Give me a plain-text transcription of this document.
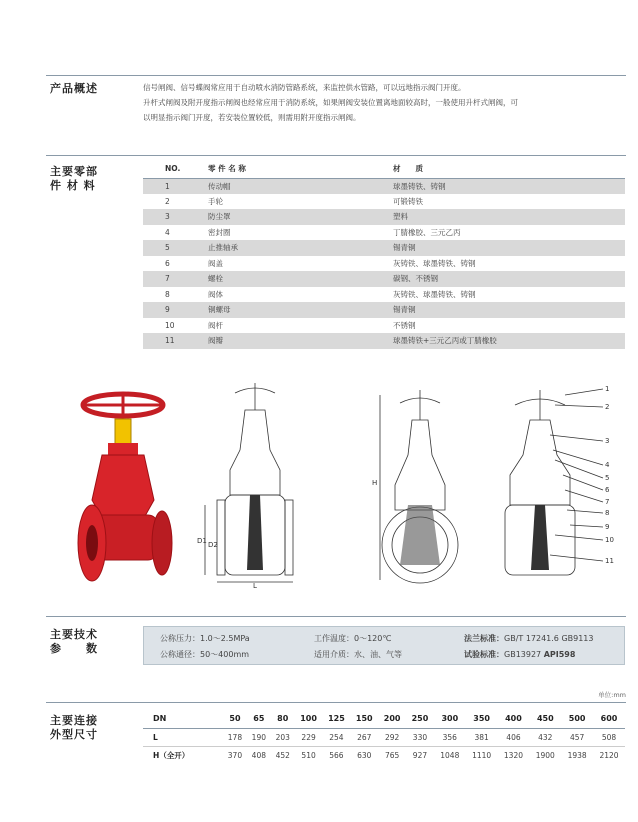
产品概述	信号闸阀、信号蝶阀常应用于自动喷水消防管路系统，来监控供水管路，可以远地指示阀门开度。
升杆式闸阀及附开度指示闸阀也经常应用于消防系统，如果闸阀安装位置离地面较高时，一般使用升杆式闸阀，可
以明显指示阀门开度，若安装位置较低，则需用附开度指示闸阀。
主要零部
件 材 料
NO.	零 件 名 称	材　　质
1	传动帽	球墨铸铁、铸钢
2	手轮	可锻铸铁
3	防尘罩	塑料
4	密封圈	丁腈橡胶、三元乙丙
5	止推轴承	锡青铜
6	阀盖	灰铸铁、球墨铸铁、铸钢
7	螺栓	碳钢、不锈钢
8	阀体	灰铸铁、球墨铸铁、铸钢
9	铜螺母	锡青铜
10	阀杆	不锈钢
11	阀瓣	球墨铸铁+三元乙丙或丁腈橡胶
D1 D2
L
H
1
2
3
4
5
6
7
8
9
10
11
主要技术
参　　数
公称压力：1.0～2.5MPa	工作温度：0～120℃	法兰标准：GB/T 17241.6 GB9113
公称通径：50～400mm	适用介质：水、油、气等	试验标准：GB13927 API598
单位:mm
主要连接
外型尺寸
DN	50	65	80	100	125	150	200	250	300	350	400	450	500	600
L	178	190	203	229	254	267	292	330	356	381	406	432	457	508
H（全开）	370	408	452	510	566	630	765	927	1048	1110	1320	1900	1938	2120
